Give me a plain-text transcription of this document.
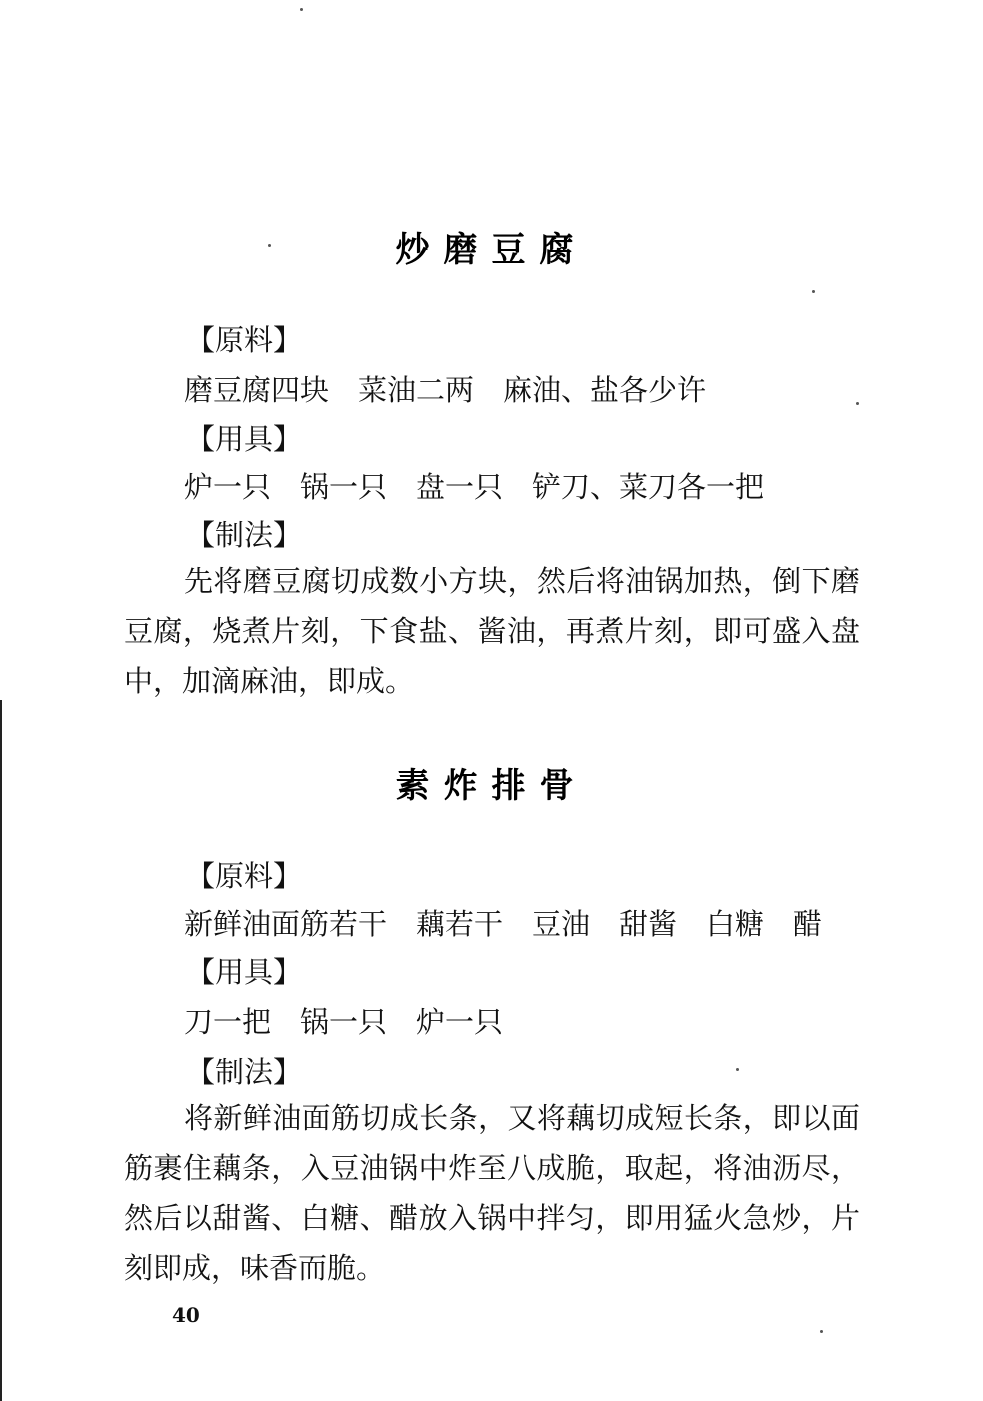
炒磨豆腐
【原料】
磨豆腐四块　菜油二两　麻油、盐各少许
【用具】
炉一只　锅一只　盘一只　铲刀、菜刀各一把
【制法】
先将磨豆腐切成数小方块，然后将油锅加热，倒下磨豆腐，烧煮片刻，下食盐、酱油，再煮片刻，即可盛入盘中，加滴麻油，即成。
素炸排骨
【原料】
新鲜油面筋若干　藕若干　豆油　甜酱　白糖　醋
【用具】
刀一把　锅一只　炉一只
【制法】
将新鲜油面筋切成长条，又将藕切成短长条，即以面筋裹住藕条，入豆油锅中炸至八成脆，取起，将油沥尽，然后以甜酱、白糖、醋放入锅中拌匀，即用猛火急炒，片刻即成，味香而脆。
40
